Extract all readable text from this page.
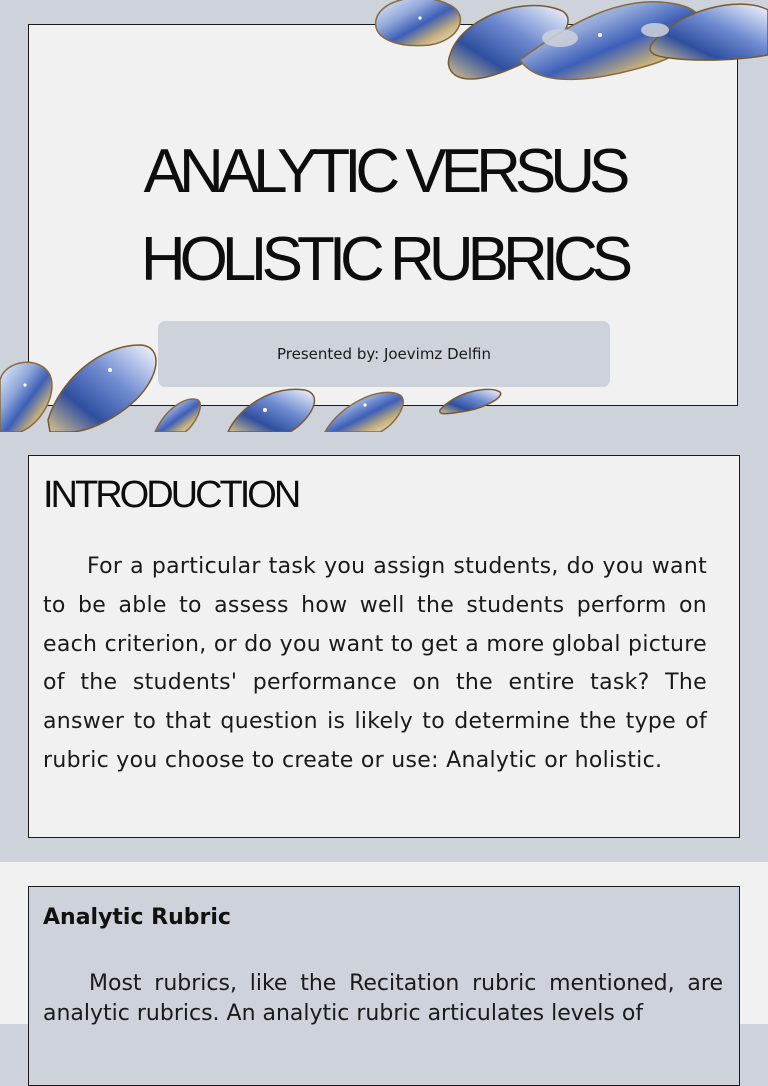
ANALYTIC VERSUS
HOLISTIC RUBRICS
Presented by: Joevimz Delfin
INTRODUCTION

For a particular task you assign students, do you want to be able to assess how well the students perform on each criterion, or do you want to get a more global picture of the students' performance on the entire task? The answer to that question is likely to determine the type of rubric you choose to create or use: Analytic or holistic.

Analytic Rubric

Most rubrics, like the Recitation rubric mentioned, are analytic rubrics. An analytic rubric articulates levels of
